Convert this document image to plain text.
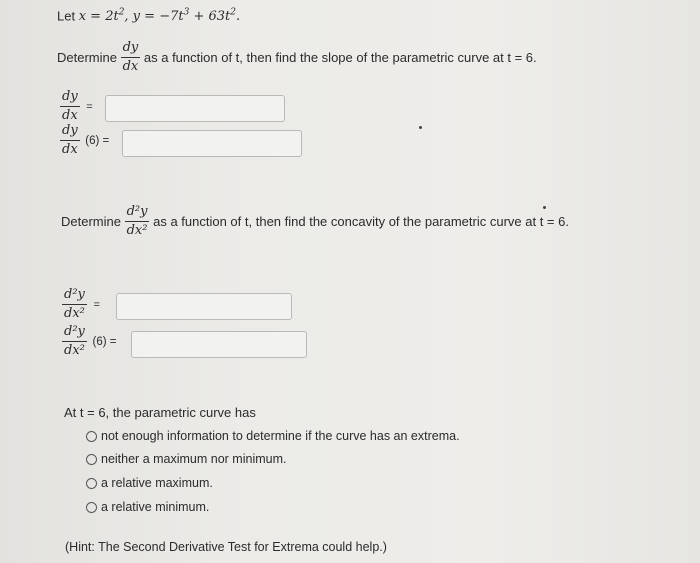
Let $x = 2t^2$, $y = -7t^3 + 63t^2$.
Determine $\frac{dy}{dx}$ as a function of t, then find the slope of the parametric curve at t = 6.
$\frac{dy}{dx}$ =
$\frac{dy}{dx} (6)$ =
Determine $\frac{\text{d²y}}{\text{dx²}}$ as a function of t, then find the concavity of the parametric curve at t = 6.
$\frac{\text{d²y}}{\text{dx²}}$ =
$\frac{\text{d²y}}{\text{dx²}} (6)$ =
At t = 6, the parametric curve has
not enough information to determine if the curve has an extrema.
neither a maximum nor minimum.
a relative maximum.
a relative minimum.
(Hint: The Second Derivative Test for Extrema could help.)
